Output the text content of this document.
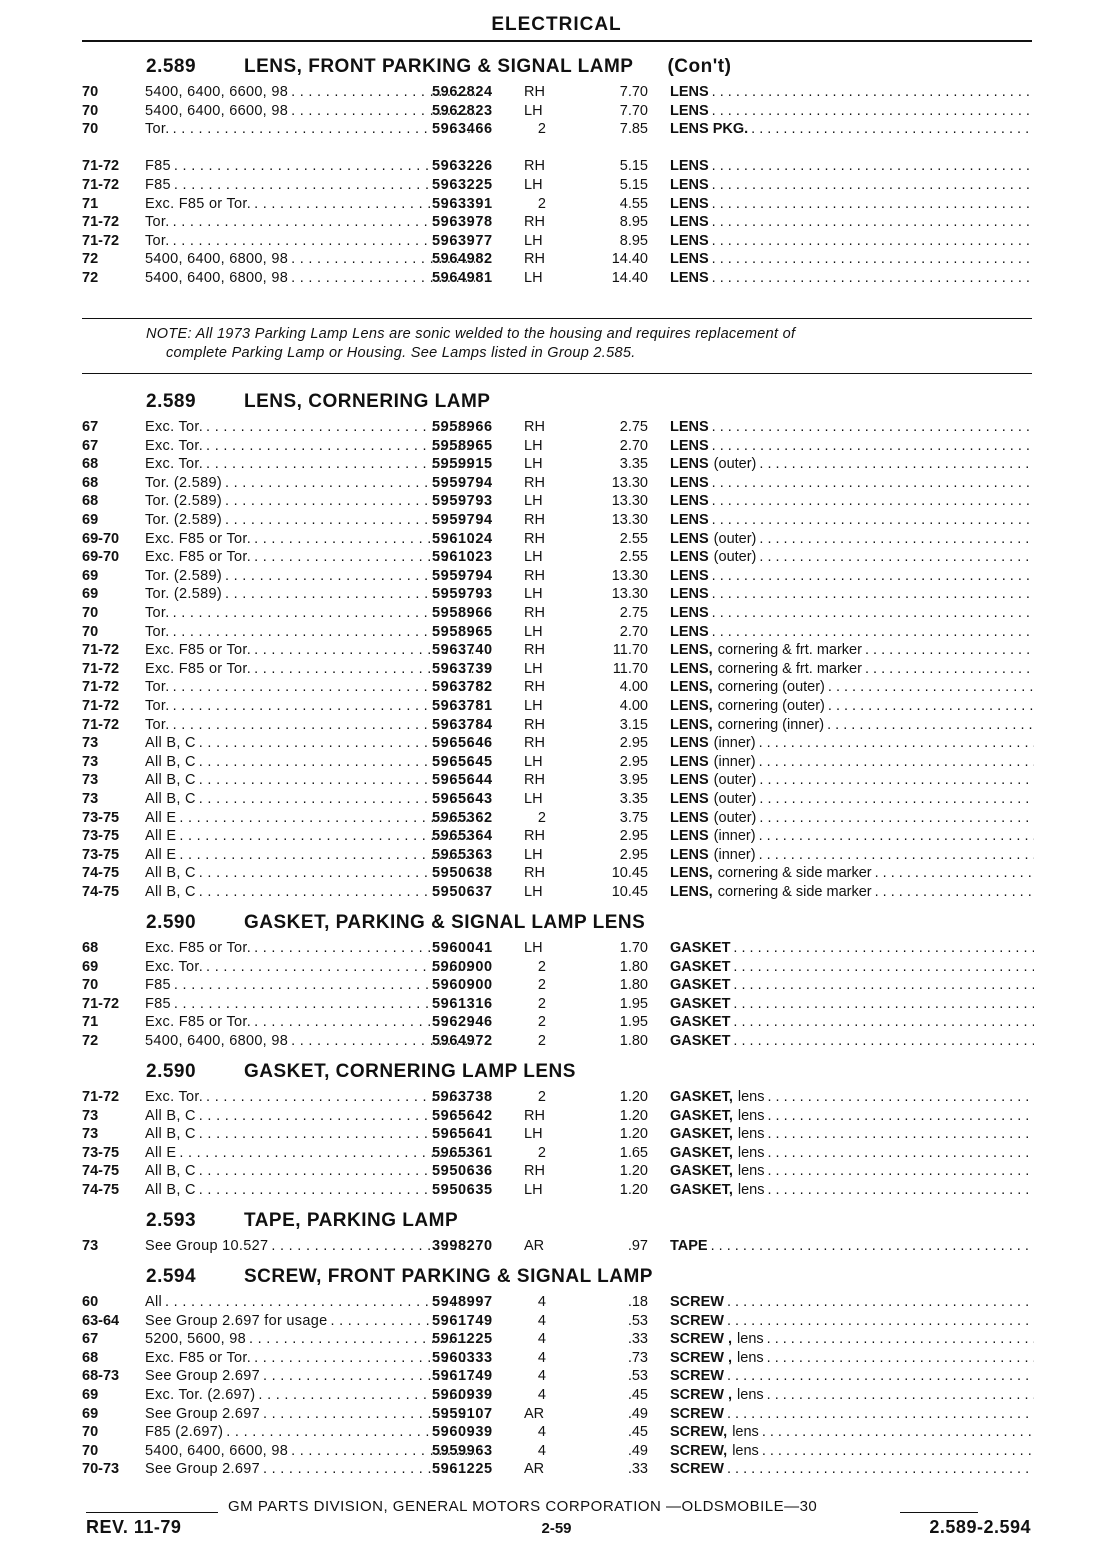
ELECTRICAL
2.589	LENS, FRONT PARKING & SIGNAL LAMP (Con't)
70	5400, 6400, 6600, 98 . . .	5962824	RH	7.70 LENS
. . .
70	5400, 6400, 6600, 98 . . .	5962823	LH	7.70 LENS
. . .
70	Tor. . . .	5963466	2	7.85 LENS PKG.
. . .
71-72	F85 . . .	5963226	RH	5.15 LENS
. . .
71-72	F85 . . .	5963225	LH	5.15 LENS
. . .
71	Exc. F85 or Tor. . . .	5963391	2	4.55 LENS
. . .
71-72	Tor. . . .	5963978	RH	8.95 LENS
. . .
71-72	Tor. . . .	5963977	LH	8.95 LENS
. . .
72	5400, 6400, 6800, 98 . . .	5964982	RH	14.40 LENS
. . .
72	5400, 6400, 6800, 98 . . .	5964981	LH	14.40 LENS
. . .
NOTE: All 1973 Parking Lamp Lens are sonic welded to the housing and requires replacement of
complete Parking Lamp or Housing. See Lamps listed in Group 2.585.
2.589	LENS, CORNERING LAMP
67	Exc. Tor. . . .	5958966	RH	2.75 LENS
. . .
67	Exc. Tor. . . .	5958965	LH	2.70 LENS
. . .
68	Exc. Tor. . . .	5959915	LH	3.35 LENS (outer)
. . .
68	Tor. (2.589) . . .	5959794	RH	13.30 LENS
. . .
68	Tor. (2.589) . . .	5959793	LH	13.30 LENS
. . .
69	Tor. (2.589) . . .	5959794	RH	13.30 LENS
. . .
69-70	Exc. F85 or Tor. . . .	5961024	RH	2.55 LENS (outer)
. . .
69-70	Exc. F85 or Tor. . . .	5961023	LH	2.55 LENS (outer)
. . .
69	Tor. (2.589) . . .	5959794	RH	13.30 LENS
. . .
69	Tor. (2.589) . . .	5959793	LH	13.30 LENS
. . .
70	Tor. . . .	5958966	RH	2.75 LENS
. . .
70	Tor. . . .	5958965	LH	2.70 LENS
. . .
71-72	Exc. F85 or Tor. . . .	5963740	RH	11.70 LENS, cornering & frt. marker
. . .
71-72	Exc. F85 or Tor. . . .	5963739	LH	11.70 LENS, cornering & frt. marker
. . .
71-72	Tor. . . .	5963782	RH	4.00 LENS, cornering (outer)
. . .
71-72	Tor. . . .	5963781	LH	4.00 LENS, cornering (outer)
. . .
71-72	Tor. . . .	5963784	RH	3.15 LENS, cornering (inner)
. . .
73	All B, C . . .	5965646	RH	2.95 LENS (inner)
. . .
73	All B, C . . .	5965645	LH	2.95 LENS (inner)
. . .
73	All B, C . . .	5965644	RH	3.95 LENS (outer)
. . .
73	All B, C . . .	5965643	LH	3.35 LENS (outer)
. . .
73-75	All E . . .	5965362	2	3.75 LENS (outer)
. . .
73-75	All E . . .	5965364	RH	2.95 LENS (inner)
. . .
73-75	All E . . .	5965363	LH	2.95 LENS (inner)
. . .
74-75	All B, C . . .	5950638	RH	10.45 LENS, cornering & side marker
. . .
74-75	All B, C . . .	5950637	LH	10.45 LENS, cornering & side marker
. . .
2.590	GASKET, PARKING & SIGNAL LAMP LENS
68	Exc. F85 or Tor. . . .	5960041	LH	1.70 GASKET
. . .
69	Exc. Tor. . . .	5960900	2	1.80 GASKET
. . .
70	F85 . . .	5960900	2	1.80 GASKET
. . .
71-72	F85 . . .	5961316	2	1.95 GASKET
. . .
71	Exc. F85 or Tor. . . .	5962946	2	1.95 GASKET
. . .
72	5400, 6400, 6800, 98 . . .	5964972	2	1.80 GASKET
. . .
2.590	GASKET, CORNERING LAMP LENS
71-72	Exc. Tor. . . .	5963738	2	1.20 GASKET, lens
. . .
73	All B, C . . .	5965642	RH	1.20 GASKET, lens
. . .
73	All B, C . . .	5965641	LH	1.20 GASKET, lens
. . .
73-75	All E . . .	5965361	2	1.65 GASKET, lens
. . .
74-75	All B, C . . .	5950636	RH	1.20 GASKET, lens
. . .
74-75	All B, C . . .	5950635	LH	1.20 GASKET, lens
. . .
2.593	TAPE, PARKING LAMP
73	See Group 10.527 . . .	3998270	AR	.97 TAPE
. . .
2.594	SCREW, FRONT PARKING & SIGNAL LAMP
60	All . . .	5948997	4	.18 SCREW
. . .
63-64	See Group 2.697 for usage . . .	5961749	4	.53 SCREW
. . .
67	5200, 5600, 98 . . .	5961225	4	.33 SCREW , lens
. . .
68	Exc. F85 or Tor. . . .	5960333	4	.73 SCREW , lens
. . .
68-73	See Group 2.697 . . .	5961749	4	.53 SCREW
. . .
69	Exc. Tor. (2.697) . . .	5960939	4	.45 SCREW , lens
. . .
69	See Group 2.697 . . .	5959107	AR	.49 SCREW
. . .
70	F85 (2.697) . . .	5960939	4	.45 SCREW, lens
. . .
70	5400, 6400, 6600, 98 . . .	5959963	4	.49 SCREW, lens
. . .
70-73	See Group 2.697 . . .	5961225	AR	.33 SCREW
. . .
GM PARTS DIVISION, GENERAL MOTORS CORPORATION —OLDSMOBILE—30
REV. 11-79	2-59	2.589-2.594
